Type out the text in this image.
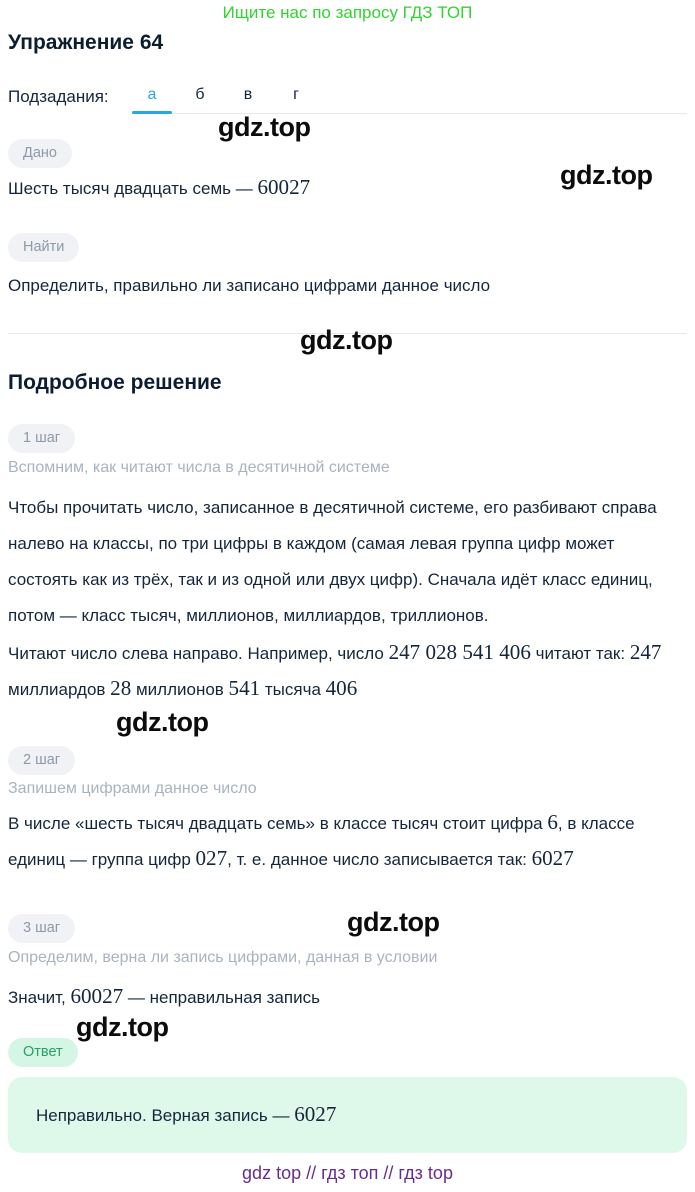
Ищите нас по запросу ГДЗ ТОП
Упражнение 64
Подзадания:	а	б	в	г
gdz.top
gdz.top
gdz.top
gdz.top
gdz.top
gdz.top
Дано
Шесть тысяч двадцать семь — 60027
Найти
Определить, правильно ли записано цифрами данное число
Подробное решение
1 шаг
Вспомним, как читают числа в десятичной системе
Чтобы прочитать число, записанное в десятичной системе, его разбивают справа налево на классы, по три цифры в каждом (самая левая группа цифр может состоять как из трёх, так и из одной или двух цифр). Сначала идёт класс единиц, потом — класс тысяч, миллионов, миллиардов, триллионов.
Читают число слева направо. Например, число 247 028 541 406 читают так: 247 миллиардов 28 миллионов 541 тысяча 406
2 шаг
Запишем цифрами данное число
В числе «шесть тысяч двадцать семь» в классе тысяч стоит цифра 6, в классе единиц — группа цифр 027, т. е. данное число записывается так: 6027
3 шаг
Определим, верна ли запись цифрами, данная в условии
Значит, 60027 — неправильная запись
Ответ
Неправильно. Верная запись — 6027
gdz top // гдз топ // гдз top
